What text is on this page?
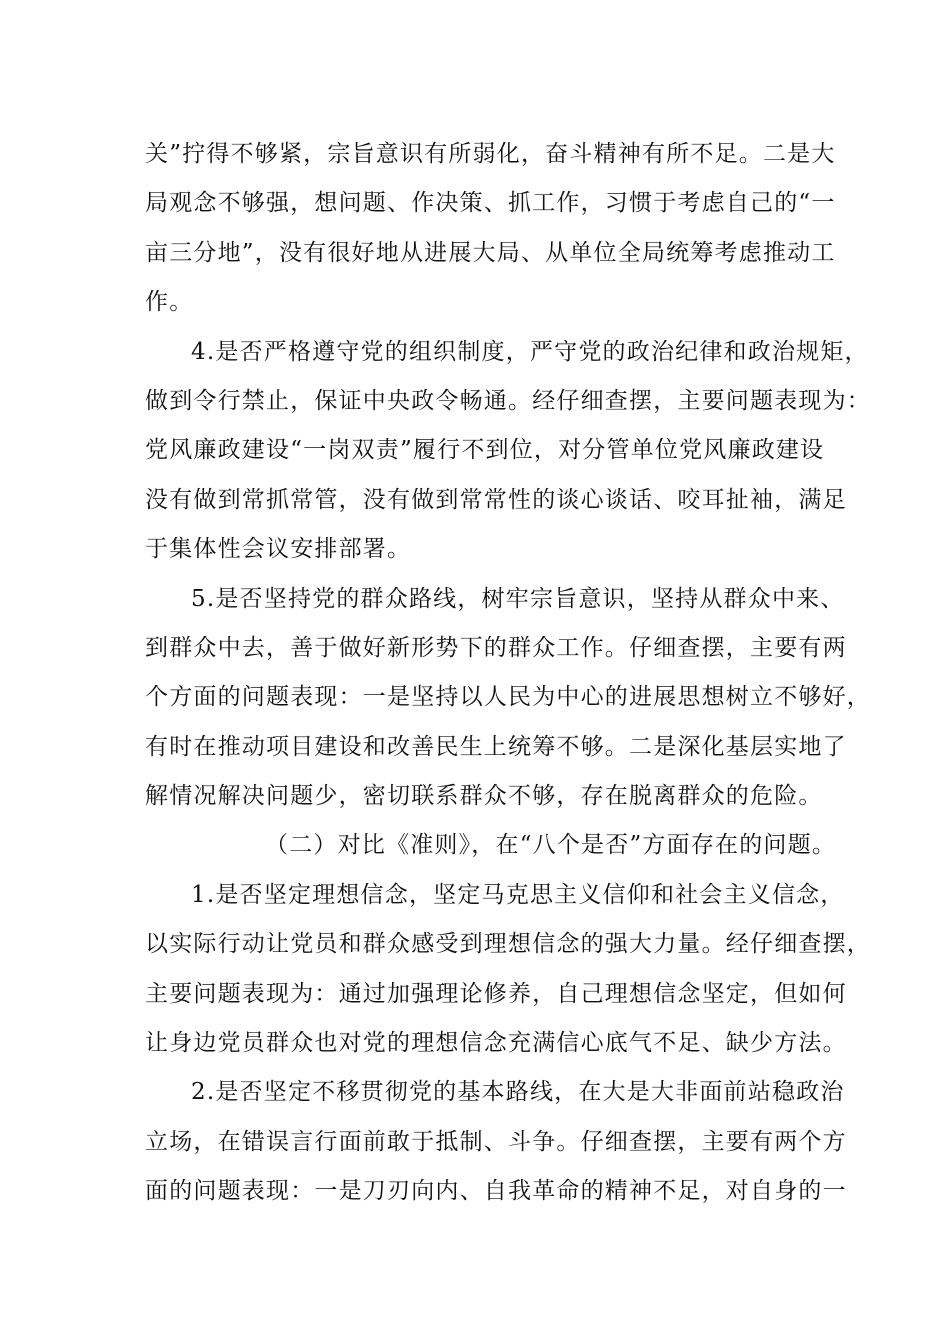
关”拧得不够紧，宗旨意识有所弱化，奋斗精神有所不足。二是大
局观念不够强，想问题、作决策、抓工作，习惯于考虑自己的“一
亩三分地”，没有很好地从进展大局、从单位全局统筹考虑推动工
作。
4.是否严格遵守党的组织制度，严守党的政治纪律和政治规矩，
做到令行禁止，保证中央政令畅通。经仔细查摆，主要问题表现为：
党风廉政建设“一岗双责”履行不到位，对分管单位党风廉政建设
没有做到常抓常管，没有做到常常性的谈心谈话、咬耳扯袖，满足
于集体性会议安排部署。
5.是否坚持党的群众路线，树牢宗旨意识，坚持从群众中来、
到群众中去，善于做好新形势下的群众工作。仔细查摆，主要有两
个方面的问题表现：一是坚持以人民为中心的进展思想树立不够好，
有时在推动项目建设和改善民生上统筹不够。二是深化基层实地了
解情况解决问题少，密切联系群众不够，存在脱离群众的危险。
（二）对比《准则》，在“八个是否”方面存在的问题。
1.是否坚定理想信念，坚定马克思主义信仰和社会主义信念，
以实际行动让党员和群众感受到理想信念的强大力量。经仔细查摆，
主要问题表现为：通过加强理论修养，自己理想信念坚定，但如何
让身边党员群众也对党的理想信念充满信心底气不足、缺少方法。
2.是否坚定不移贯彻党的基本路线，在大是大非面前站稳政治
立场，在错误言行面前敢于抵制、斗争。仔细查摆，主要有两个方
面的问题表现：一是刀刃向内、自我革命的精神不足，对自身的一
